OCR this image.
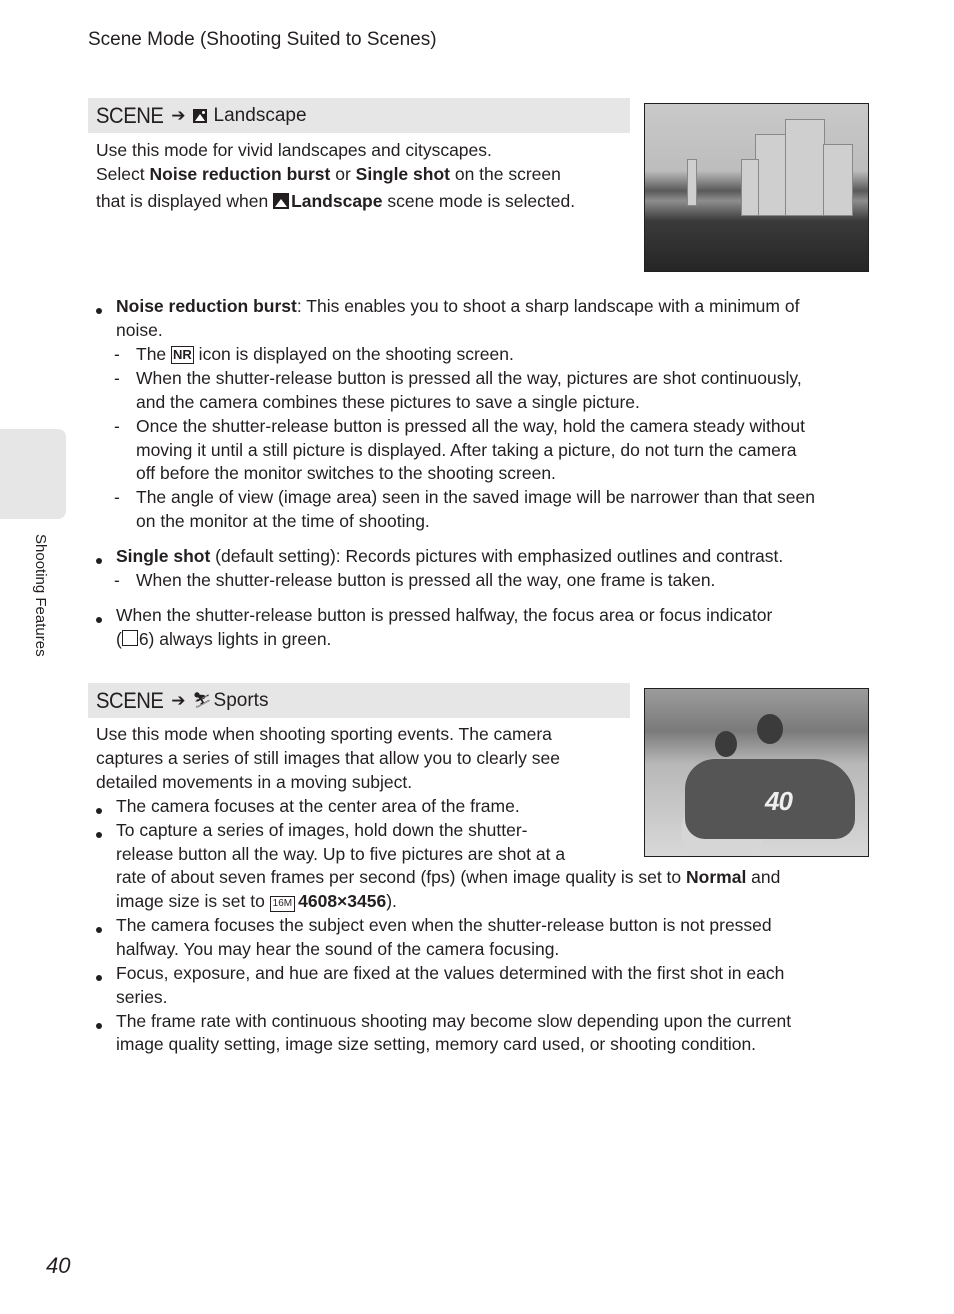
Scene Mode (Shooting Suited to Scenes)
Shooting Features
SCENE ➔ Landscape
Use this mode for vivid landscapes and cityscapes.
Select Noise reduction burst or Single shot on the screen
that is displayed when Landscape scene mode is selected.
Noise reduction burst: This enables you to shoot a sharp landscape with a minimum of
noise.
- The NR icon is displayed on the shooting screen.
- When the shutter-release button is pressed all the way, pictures are shot continuously,
and the camera combines these pictures to save a single picture.
- Once the shutter-release button is pressed all the way, hold the camera steady without
moving it until a still picture is displayed. After taking a picture, do not turn the camera
off before the monitor switches to the shooting screen.
- The angle of view (image area) seen in the saved image will be narrower than that seen
on the monitor at the time of shooting.
Single shot (default setting): Records pictures with emphasized outlines and contrast.
- When the shutter-release button is pressed all the way, one frame is taken.
When the shutter-release button is pressed halfway, the focus area or focus indicator
( 6) always lights in green.
SCENE ➔ ⛷ Sports
Use this mode when shooting sporting events. The camera
captures a series of still images that allow you to clearly see
detailed movements in a moving subject.
40
The camera focuses at the center area of the frame.
To capture a series of images, hold down the shutter-
release button all the way. Up to five pictures are shot at a
rate of about seven frames per second (fps) (when image quality is set to Normal and
image size is set to 16M 4608×3456).
The camera focuses the subject even when the shutter-release button is not pressed
halfway. You may hear the sound of the camera focusing.
Focus, exposure, and hue are fixed at the values determined with the first shot in each
series.
The frame rate with continuous shooting may become slow depending upon the current
image quality setting, image size setting, memory card used, or shooting condition.
40
